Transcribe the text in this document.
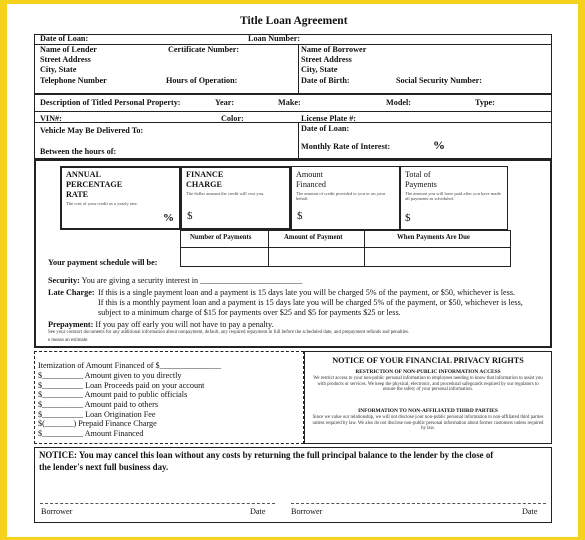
Title Loan Agreement
Date of Loan:	Loan Number:
Name of Lender
Street Address
City, State
Telephone Number
Certificate Number:
Hours of Operation:
Name of Borrower
Street Address
City, State
Date of Birth:	Social Security Number:
Description of Titled Personal Property:	Year:	Make:	Model:	Type:
VIN#:	Color:	License Plate #:
Vehicle May Be Delivered To:
Between the hours of:
Date of Loan:
Monthly Rate of Interest:	%
ANNUAL
PERCENTAGE
RATE
The cost of your credit as a yearly rate.
%
FINANCE
CHARGE
The dollar amount the credit will cost you.
$
Amount
Financed
The amount of credit provided to you or on your behalf.
$
Total of
Payments
The amount you will have paid after you have made all payments as scheduled.
$
Number of Payments	Amount of Payment	When Payments Are Due
Your payment schedule will be:
Security: You are giving a security interest in _________________________
Late Charge: If this is a single payment loan and a payment is 15 days late you will be charged 5% of the payment, or $50, whichever is less.
If this is a monthly payment loan and a payment is 15 days late you will be charged 5% of the payment, or $50, whichever is less,
subject to a minimum charge of $15 for payments over $25 and $5 for payments $25 or less.
Prepayment: If you pay off early you will not have to pay a penalty.
See your contract documents for any additional information about nonpayment, default, any required repayment in full before the scheduled date, and prepayment refunds and penalties.
e means an estimate.
Itemization of Amount Financed of $_______________
$__________ Amount given to you directly
$__________ Loan Proceeds paid on your account
$__________ Amount paid to public officials
$__________ Amount paid to others
$__________ Loan Origination Fee
$(_______) Prepaid Finance Charge
$__________ Amount Financed
NOTICE OF YOUR FINANCIAL PRIVACY RIGHTS
RESTRICTION OF NON-PUBLIC INFORMATION ACCESS
We restrict access to your non-public personal information to employees needing to know that information to assist you with products or services. We keep the physical, electronic, and procedural safeguards required by our regulators to ensure the safety of your personal information.
INFORMATION TO NON-AFFILIATED THIRD PARTIES
Since we value our relationship, we will not disclose your non-public personal information to non-affiliated third parties unless required by law. We also do not disclose non-public personal information about former customers unless required by law.
NOTICE: You may cancel this loan without any costs by returning the full principal balance to the lender by the close of
the lender's next full business day.
Borrower	Date	Borrower	Date
